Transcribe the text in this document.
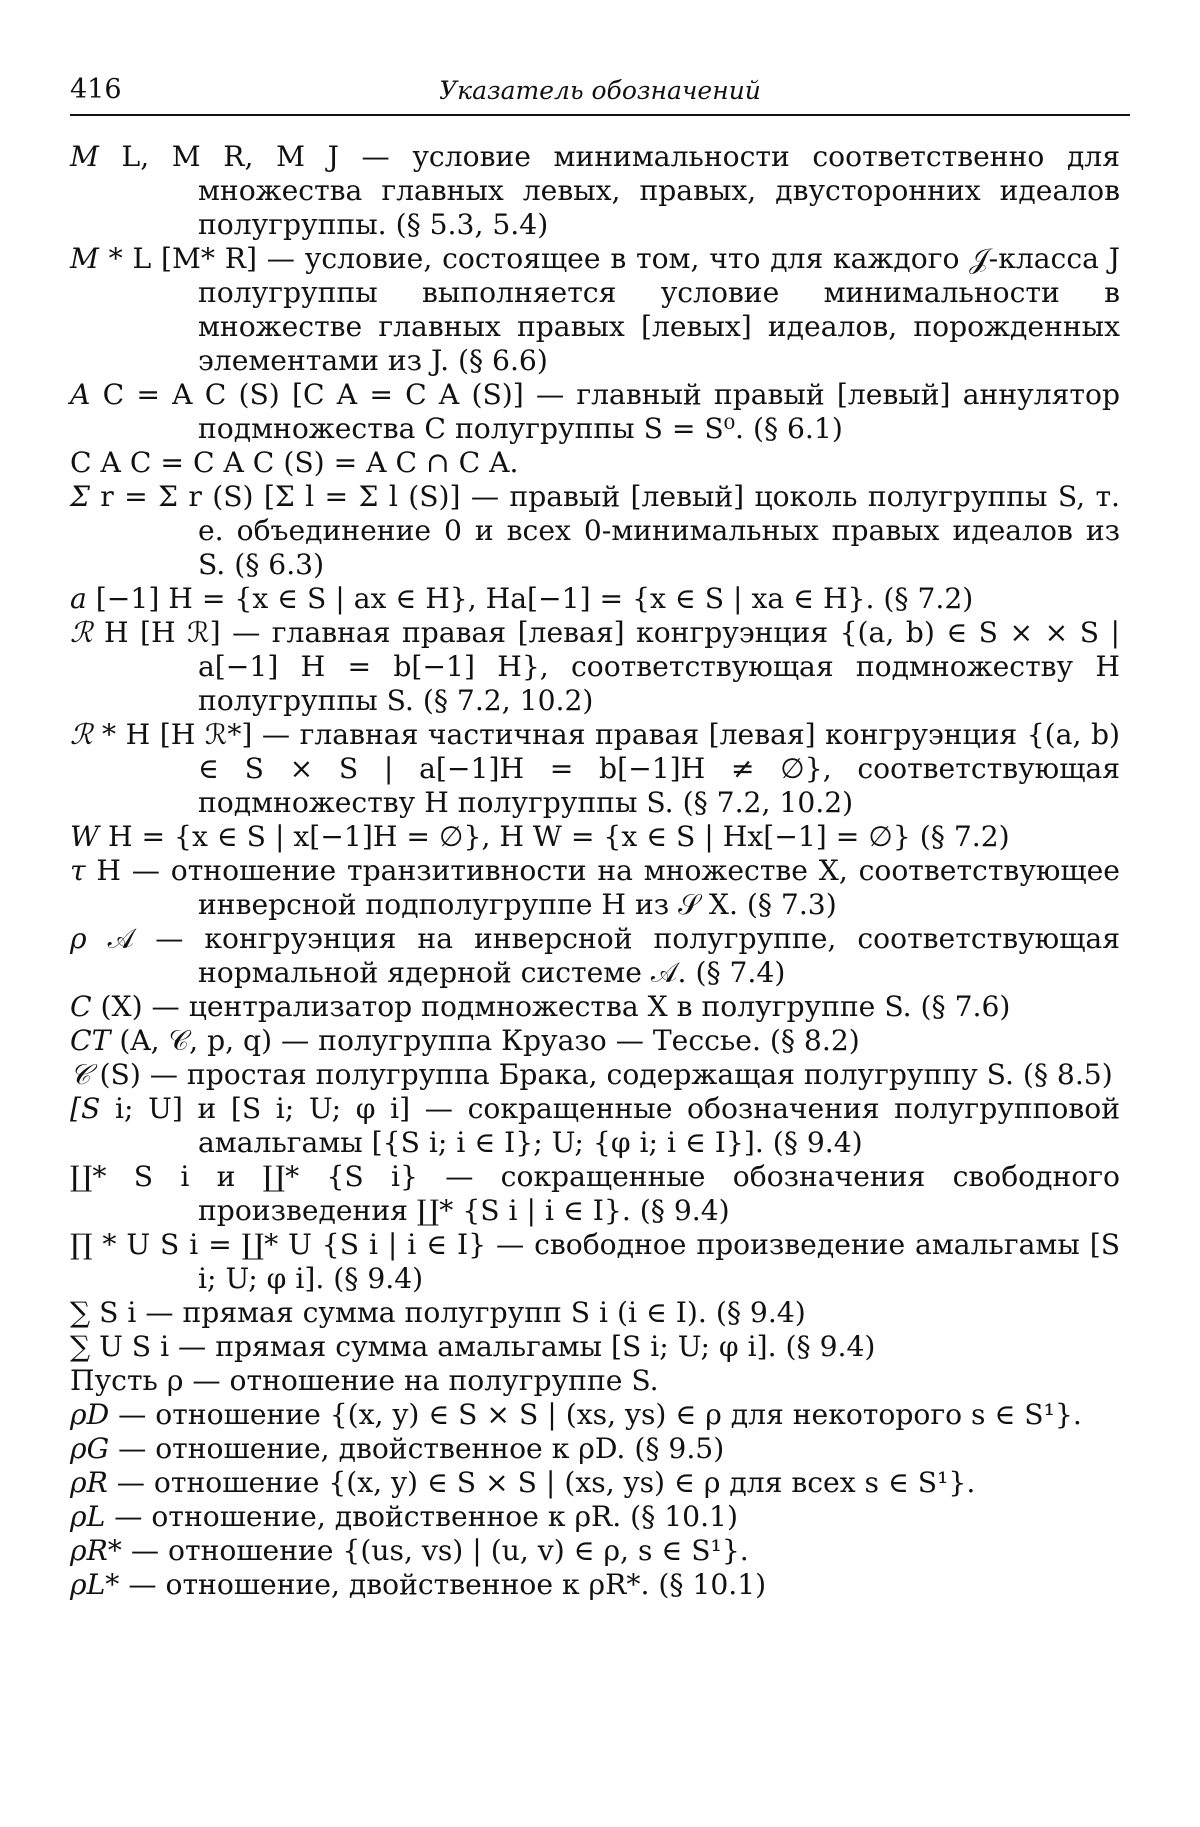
416	Указатель обозначений

M L, M R, M J — условие минимальности соответственно для множества главных левых, правых, двусторонних идеалов полугруппы. (§ 5.3, 5.4)

M * L [M* R] — условие, состоящее в том, что для каждого 𝒥-класса J полугруппы выполняется условие минимальности в множестве главных правых [левых] идеалов, порожденных элементами из J. (§ 6.6)

A C = A C (S) [C A = C A (S)] — главный правый [левый] аннулятор подмножества C полугруппы S = S⁰. (§ 6.1)

C A C = C A C (S) = A C ∩ C A.

Σ r = Σ r (S) [Σ l = Σ l (S)] — правый [левый] цоколь полугруппы S, т. е. объединение 0 и всех 0-минимальных правых идеалов из S. (§ 6.3)

a [−1] H = {x ∈ S | ax ∈ H}, Ha[−1] = {x ∈ S | xa ∈ H}. (§ 7.2)

ℛ H [H ℛ] — главная правая [левая] конгруэнция {(a, b) ∈ S × × S | a[−1] H = b[−1] H}, соответствующая подмножеству H полугруппы S. (§ 7.2, 10.2)

ℛ * H [H ℛ*] — главная частичная правая [левая] конгруэнция {(a, b) ∈ S × S | a[−1]H = b[−1]H ≠ ∅}, соответствующая подмножеству H полугруппы S. (§ 7.2, 10.2)

W H = {x ∈ S | x[−1]H = ∅}, H W = {x ∈ S | Hx[−1] = ∅} (§ 7.2)

τ H — отношение транзитивности на множестве X, соответствующее инверсной подполугруппе H из 𝒮 X. (§ 7.3)

ρ 𝒜 — конгруэнция на инверсной полугруппе, соответствующая нормальной ядерной системе 𝒜. (§ 7.4)

C (X) — централизатор подмножества X в полугруппе S. (§ 7.6)

CT (A, 𝒞, p, q) — полугруппа Круазо — Тессье. (§ 8.2)

𝒞 (S) — простая полугруппа Брака, содержащая полугруппу S. (§ 8.5)

[S i; U] и [S i; U; φ i] — сокращенные обозначения полугрупповой амальгамы [{S i; i ∈ I}; U; {φ i; i ∈ I}]. (§ 9.4)

∐* S i и ∐* {S i} — сокращенные обозначения свободного произведения ∐* {S i | i ∈ I}. (§ 9.4)

∏ * U S i = ∐* U {S i | i ∈ I} — свободное произведение амальгамы [S i; U; φ i]. (§ 9.4)

∑ S i — прямая сумма полугрупп S i (i ∈ I). (§ 9.4)

∑ U S i — прямая сумма амальгамы [S i; U; φ i]. (§ 9.4)

Пусть ρ — отношение на полугруппе S.

ρD — отношение {(x, y) ∈ S × S | (xs, ys) ∈ ρ для некоторого s ∈ S¹}.

ρG — отношение, двойственное к ρD. (§ 9.5)

ρR — отношение {(x, y) ∈ S × S | (xs, ys) ∈ ρ для всех s ∈ S¹}.

ρL — отношение, двойственное к ρR. (§ 10.1)

ρR* — отношение {(us, vs) | (u, v) ∈ ρ, s ∈ S¹}.

ρL* — отношение, двойственное к ρR*. (§ 10.1)
